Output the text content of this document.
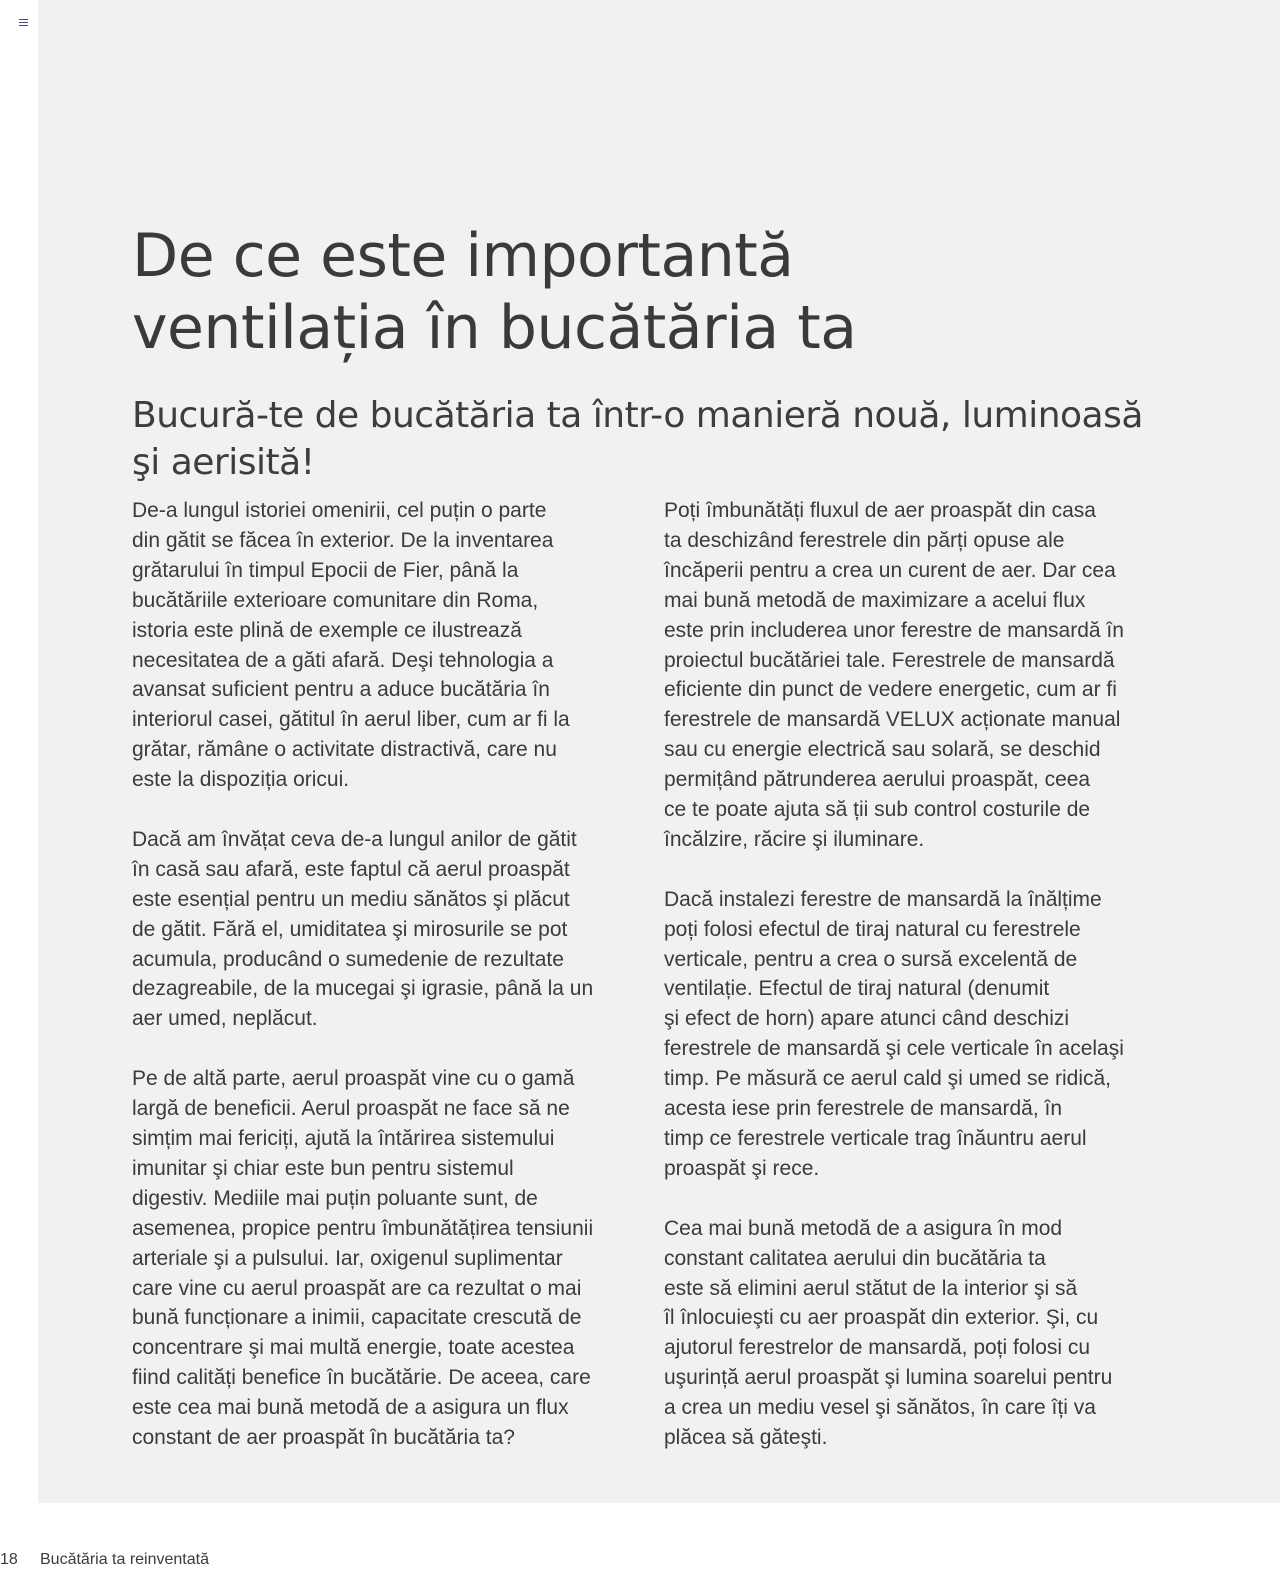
De ce este importantă
ventilația în bucătăria ta
Bucură-te de bucătăria ta într-o manieră nouă, luminoasă şi aerisită!

De-a lungul istoriei omenirii, cel puțin o parte
din gătit se făcea în exterior. De la inventarea
grătarului în timpul Epocii de Fier, până la
bucătăriile exterioare comunitare din Roma,
istoria este plină de exemple ce ilustrează
necesitatea de a găti afară. Deşi tehnologia a
avansat suficient pentru a aduce bucătăria în
interiorul casei, gătitul în aerul liber, cum ar fi la
grătar, rămâne o activitate distractivă, care nu
este la dispoziția oricui.

Dacă am învățat ceva de-a lungul anilor de gătit
în casă sau afară, este faptul că aerul proaspăt
este esențial pentru un mediu sănătos şi plăcut
de gătit. Fără el, umiditatea şi mirosurile se pot
acumula, producând o sumedenie de rezultate
dezagreabile, de la mucegai şi igrasie, până la un
aer umed, neplăcut.

Pe de altă parte, aerul proaspăt vine cu o gamă
largă de beneficii. Aerul proaspăt ne face să ne
simțim mai fericiți, ajută la întărirea sistemului
imunitar şi chiar este bun pentru sistemul
digestiv. Mediile mai puțin poluante sunt, de
asemenea, propice pentru îmbunătățirea tensiunii
arteriale şi a pulsului. Iar, oxigenul suplimentar
care vine cu aerul proaspăt are ca rezultat o mai
bună funcționare a inimii, capacitate crescută de
concentrare şi mai multă energie, toate acestea
fiind calități benefice în bucătărie. De aceea, care
este cea mai bună metodă de a asigura un flux
constant de aer proaspăt în bucătăria ta?

Poți îmbunătăți fluxul de aer proaspăt din casa
ta deschizând ferestrele din părți opuse ale
încăperii pentru a crea un curent de aer. Dar cea
mai bună metodă de maximizare a acelui flux
este prin includerea unor ferestre de mansardă în
proiectul bucătăriei tale. Ferestrele de mansardă
eficiente din punct de vedere energetic, cum ar fi
ferestrele de mansardă VELUX acționate manual
sau cu energie electrică sau solară, se deschid
permițând pătrunderea aerului proaspăt, ceea
ce te poate ajuta să ții sub control costurile de
încălzire, răcire şi iluminare.

Dacă instalezi ferestre de mansardă la înălțime
poți folosi efectul de tiraj natural cu ferestrele
verticale, pentru a crea o sursă excelentă de
ventilație. Efectul de tiraj natural (denumit
şi efect de horn) apare atunci când deschizi
ferestrele de mansardă şi cele verticale în acelaşi
timp. Pe măsură ce aerul cald şi umed se ridică,
acesta iese prin ferestrele de mansardă, în
timp ce ferestrele verticale trag înăuntru aerul
proaspăt şi rece.

Cea mai bună metodă de a asigura în mod
constant calitatea aerului din bucătăria ta
este să elimini aerul stătut de la interior şi să
îl înlocuieşti cu aer proaspăt din exterior. Şi, cu
ajutorul ferestrelor de mansardă, poți folosi cu
uşurință aerul proaspăt şi lumina soarelui pentru
a crea un mediu vesel şi sănătos, în care îți va
plăcea să găteşti.

18 Bucătăria ta reinventată
